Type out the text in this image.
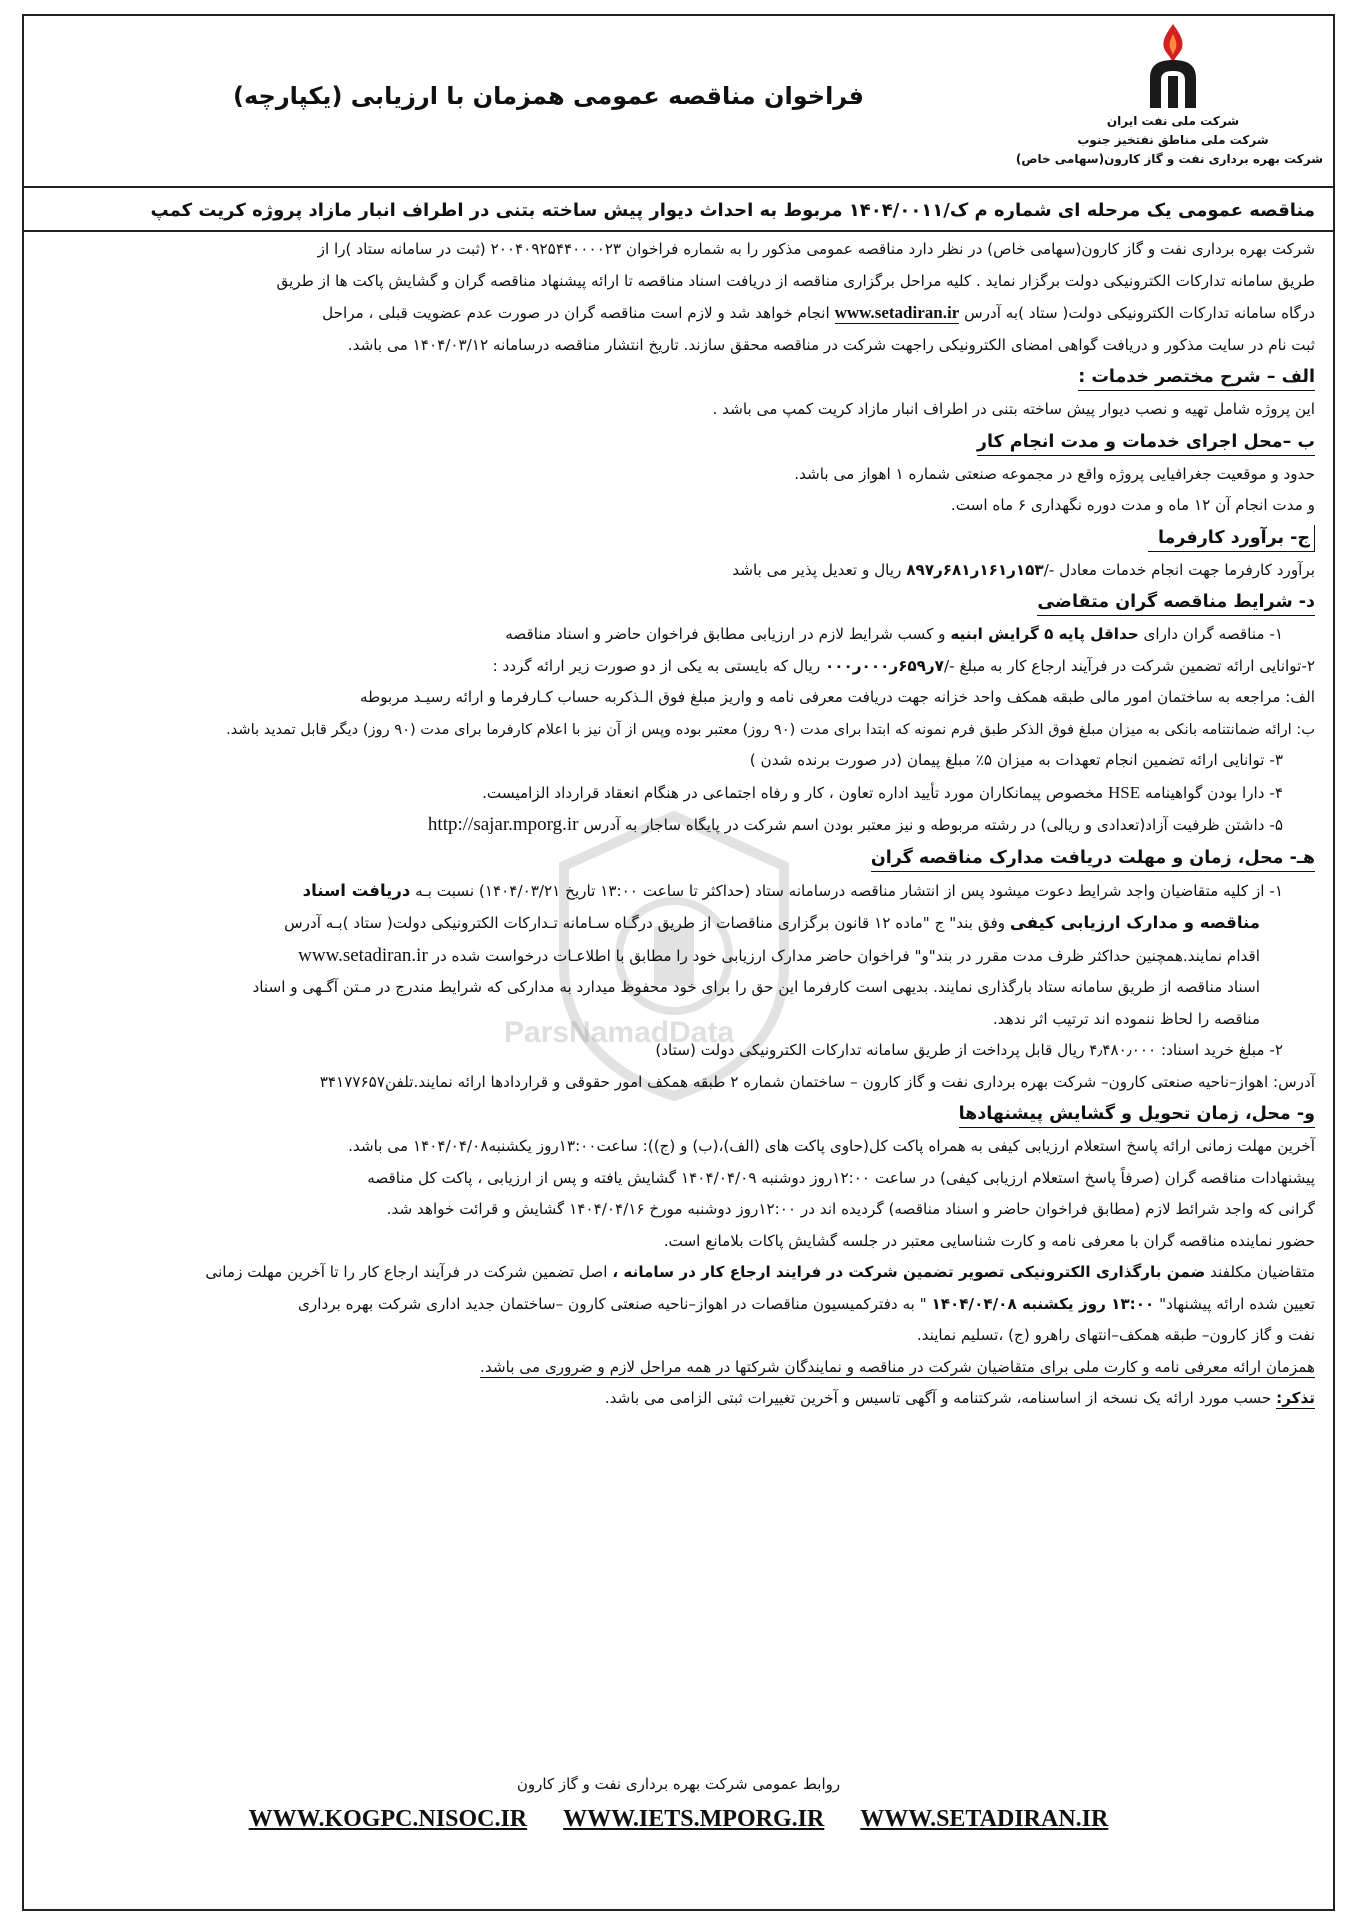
شرکت ملی نفت ایران
شرکت ملی مناطق نفتخیز جنوب
شرکت بهره برداری نفت و گاز کارون(سهامی خاص)
فراخوان مناقصه عمومی همزمان با ارزیابی (یکپارچه)
ParsNamadData

مناقصه عمومی یک مرحله ای شماره م ک/۱۴۰۴/۰۰۱۱ مربوط به احداث دیوار پیش ساخته بتنی در اطراف انبار مازاد پروژه کریت کمپ

شرکت بهره برداری نفت و گاز کارون(سهامی خاص) در نظر دارد مناقصه عمومی مذکور را به شماره فراخوان ۲۰۰۴۰۹۲۵۴۴۰۰۰۰۲۳ (ثبت در سامانه ستاد )را از

طریق سامانه تدارکات الکترونیکی دولت برگزار نماید . کلیه مراحل برگزاری مناقصه از دریافت اسناد مناقصه تا ارائه پیشنهاد مناقصه گران و گشایش پاکت ها از طریق

درگاه سامانه تدارکات الکترونیکی دولت( ستاد )به آدرس www.setadiran.ir انجام خواهد شد و لازم است مناقصه گران در صورت عدم عضویت قبلی ، مراحل

ثبت نام در سایت مذکور و دریافت گواهی امضای الکترونیکی راجهت شرکت در مناقصه محقق سازند. تاریخ انتشار مناقصه درسامانه ۱۴۰۴/۰۳/۱۲ می باشد.

الف – شرح مختصر خدمات :

این پروژه شامل تهیه و نصب دیوار پیش ساخته بتنی در اطراف انبار مازاد کریت کمپ می باشد .

ب –محل اجرای خدمات و مدت انجام کار

حدود و موقعیت جغرافیایی پروژه واقع در مجموعه صنعتی شماره ۱ اهواز می باشد.

و مدت انجام آن ۱۲ ماه و مدت دوره نگهداری ۶ ماه است.

ج- برآورد کارفرما

برآورد کارفرما جهت انجام خدمات معادل -/۱۵۳ر۱۶۱ر۶۸۱ر۸۹۷ ریال و تعدیل پذیر می باشد

د- شرایط مناقصه گران متقاضی

۱- مناقصه گران دارای حداقل پایه ۵ گرایش ابنیه و کسب شرایط لازم در ارزیابی مطابق فراخوان حاضر و اسناد مناقصه

۲-توانایی ارائه تضمین شرکت در فرآیند ارجاع کار به مبلغ -/۷ر۶۵۹ر۰۰۰ر۰۰۰ ریال که بایستی به یکی از دو صورت زیر ارائه گردد :

الف: مراجعه به ساختمان امور مالی طبقه همکف واحد خزانه جهت دریافت معرفی نامه و واریز مبلغ فوق الـذکربه حساب کـارفرما و ارائه رسیـد مربوطه

ب: ارائه ضمانتنامه بانکی به میزان مبلغ فوق الذکر طبق فرم نمونه که ابتدا برای مدت (۹۰ روز) معتبر بوده وپس از آن نیز با اعلام کارفرما برای مدت (۹۰ روز) دیگر قابل تمدید باشد.

۳- توانایی ارائه تضمین انجام تعهدات به میزان ۵٪ مبلغ پیمان (در صورت برنده شدن )

۴- دارا بودن گواهینامه HSE مخصوص پیمانکاران مورد تأیید اداره تعاون ، کار و رفاه اجتماعی در هنگام انعقاد قرارداد الزامیست.

۵- داشتن ظرفیت آزاد(تعدادی و ریالی) در رشته مربوطه و نیز معتبر بودن اسم شرکت در پایگاه ساجار به آدرس http://sajar.mporg.ir

هـ- محل، زمان و مهلت دریافت مدارک مناقصه گران

۱- از کلیه متقاضیان واجد شرایط دعوت میشود پس از انتشار مناقصه درسامانه ستاد (حداکثر تا ساعت ۱۳:۰۰ تاریخ ۱۴۰۴/۰۳/۲۱) نسبت بـه دریافت اسناد

مناقصه و مدارک ارزیابی کیفی وفق بند" ج "ماده ۱۲ قانون برگزاری مناقصات از طریق درگـاه سـامانه تـدارکات الکترونیکی دولت( ستاد )بـه آدرس

اقدام نمایند.همچنین حداکثر ظرف مدت مقرر در بند"و" فراخوان حاضر مدارک ارزیابی خود را مطابق با اطلاعـات درخواست شده در www.setadiran.ir

اسناد مناقصه از طریق سامانه ستاد بارگذاری نمایند. بدیهی است کارفرما این حق را برای خود محفوظ میدارد به مدارکی که شرایط مندرج در مـتن آگـهی و اسناد

مناقصه را لحاظ ننموده اند ترتیب اثر ندهد.

۲- مبلغ خرید اسناد: ۴٫۴۸۰٫۰۰۰ ریال قابل پرداخت از طریق سامانه تدارکات الکترونیکی دولت (ستاد)

آدرس: اهواز–ناحیه صنعتی کارون– شرکت بهره برداری نفت و گاز کارون – ساختمان شماره ۲ طبقه همکف امور حقوقی و قراردادها ارائه نمایند.تلفن۳۴۱۷۷۶۵۷

و- محل، زمان تحویل و گشایش پیشنهادها

آخرین مهلت زمانی ارائه پاسخ استعلام ارزیابی کیفی به همراه پاکت کل(حاوی پاکت های (الف)،(ب) و (ج)): ساعت۱۳:۰۰روز یکشنبه۱۴۰۴/۰۴/۰۸ می باشد.

پیشنهادات مناقصه گران (صرفاً پاسخ استعلام ارزیابی کیفی) در ساعت ۱۲:۰۰روز دوشنبه ۱۴۰۴/۰۴/۰۹ گشایش یافته و پس از ارزیابی ، پاکت کل مناقصه

گرانی که واجد شرائط لازم (مطابق فراخوان حاضر و اسناد مناقصه) گردیده اند در ۱۲:۰۰روز دوشنبه مورخ ۱۴۰۴/۰۴/۱۶ گشایش و قرائت خواهد شد.

حضور نماینده مناقصه گران با معرفی نامه و کارت شناسایی معتبر در جلسه گشایش پاکات بلامانع است.

متقاضیان مکلفند ضمن بارگذاری الکترونیکی تصویر تضمین شرکت در فرایند ارجاع کار در سامانه ، اصل تضمین شرکت در فرآیند ارجاع کار را تا آخرین مهلت زمانی

تعیین شده ارائه پیشنهاد" ۱۳:۰۰ روز یکشنبه ۱۴۰۴/۰۴/۰۸ " به دفترکمیسیون مناقصات در اهواز–ناحیه صنعتی کارون –ساختمان جدید اداری شرکت بهره برداری

نفت و گاز کارون– طبقه همکف–انتهای راهرو (ج) ،تسلیم نمایند.

همزمان ارائه معرفی نامه و کارت ملی برای متقاضیان شرکت در مناقصه و نمایندگان شرکتها در همه مراحل لازم و ضروری می باشد.

تذکر: حسب مورد ارائه یک نسخه از اساسنامه، شرکتنامه و آگهی تاسیس و آخرین تغییرات ثبتی الزامی می باشد.

روابط عمومی شرکت بهره برداری نفت و گاز کارون
WWW.KOGPC.NISOC.IR WWW.IETS.MPORG.IR WWW.SETADIRAN.IR
